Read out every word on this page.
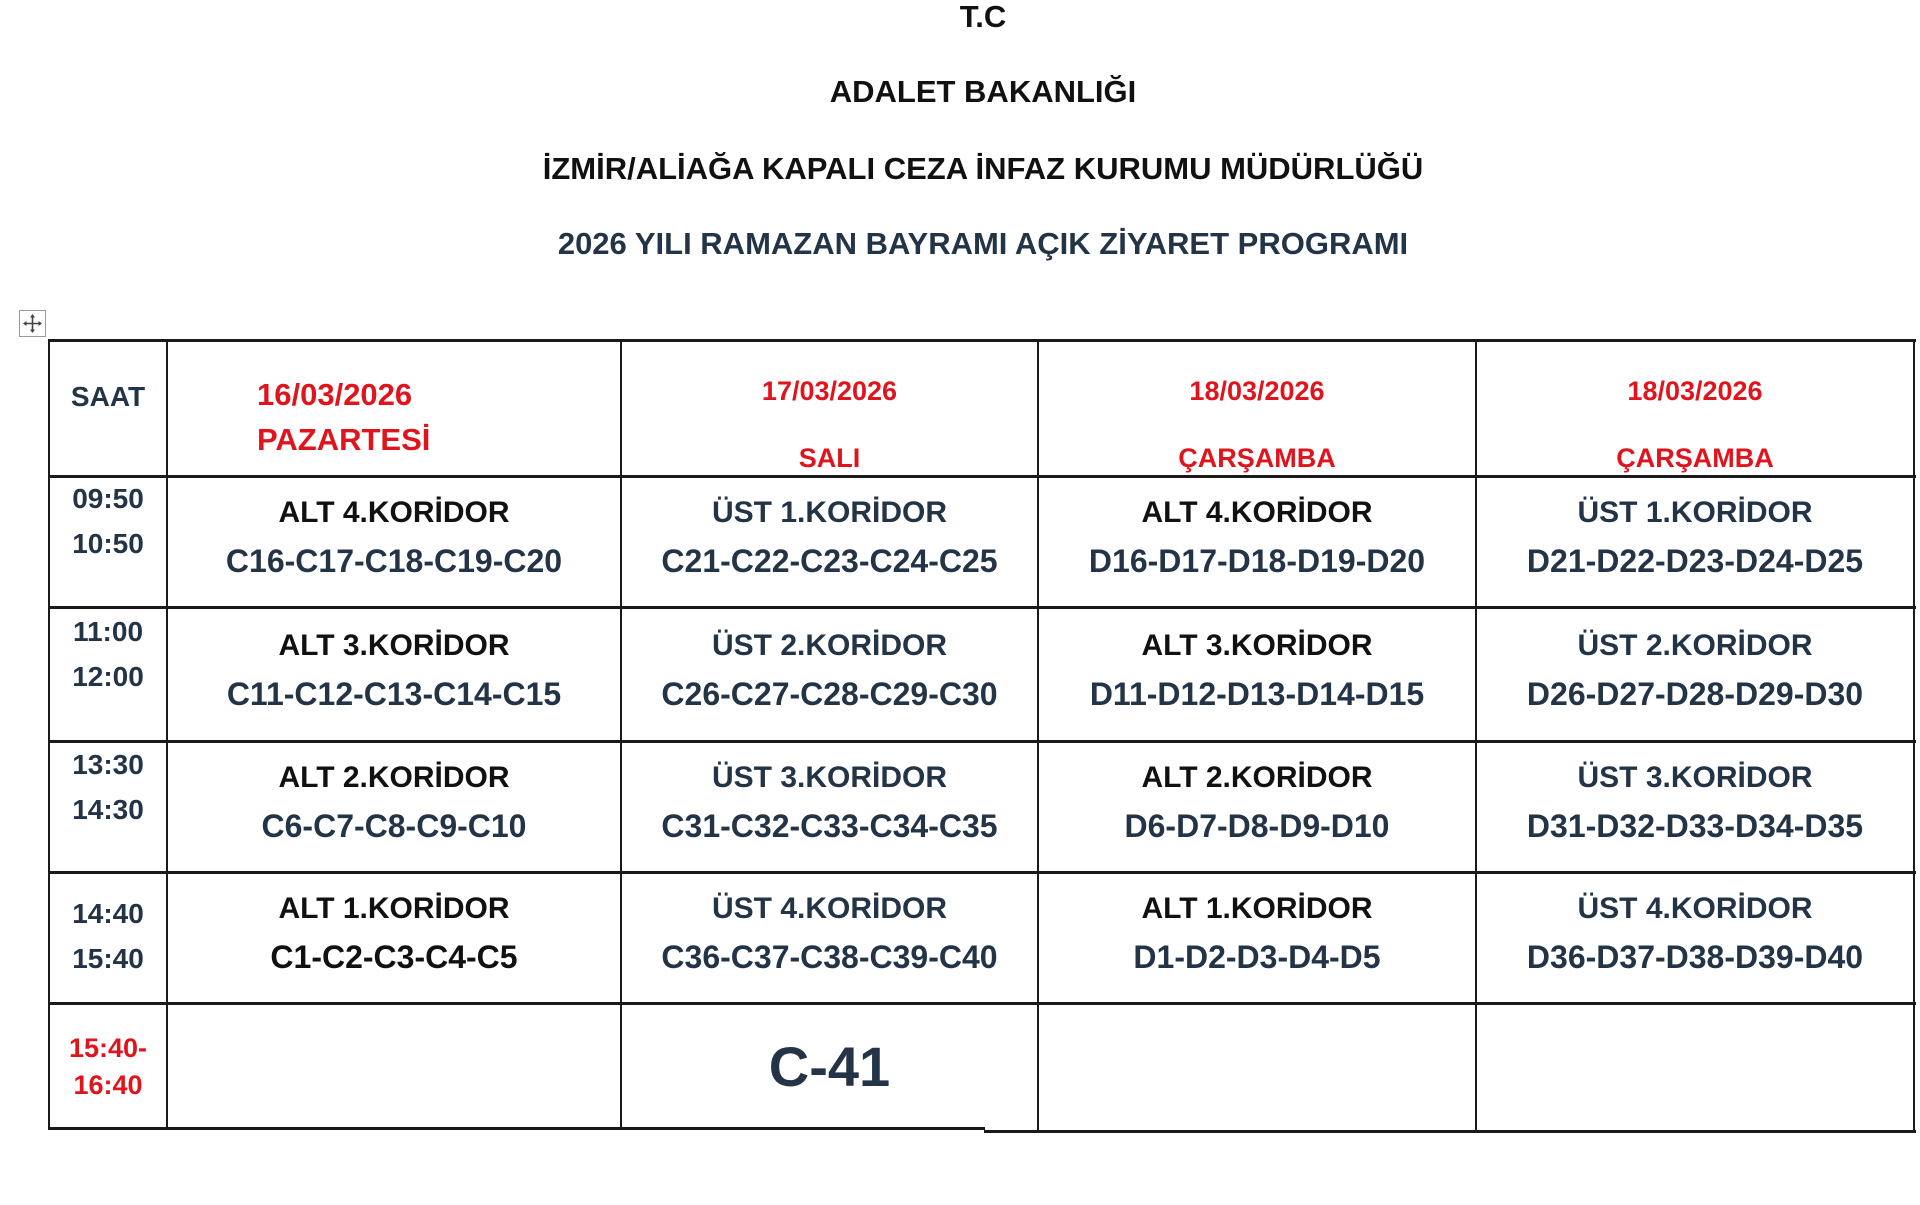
T.C
ADALET BAKANLIĞI
İZMİR/ALİAĞA KAPALI CEZA İNFAZ KURUMU MÜDÜRLÜĞÜ
2026 YILI RAMAZAN BAYRAMI AÇIK ZİYARET PROGRAMI
SAAT	16/03/2026
PAZARTESİ
17/03/2026
SALI
18/03/2026
ÇARŞAMBA
18/03/2026
ÇARŞAMBA
09:50
10:50
ALT 4.KORİDOR
C16-C17-C18-C19-C20
ÜST 1.KORİDOR
C21-C22-C23-C24-C25
ALT 4.KORİDOR
D16-D17-D18-D19-D20
ÜST 1.KORİDOR
D21-D22-D23-D24-D25
11:00
12:00
ALT 3.KORİDOR
C11-C12-C13-C14-C15
ÜST 2.KORİDOR
C26-C27-C28-C29-C30
ALT 3.KORİDOR
D11-D12-D13-D14-D15
ÜST 2.KORİDOR
D26-D27-D28-D29-D30
13:30
14:30
ALT 2.KORİDOR
C6-C7-C8-C9-C10
ÜST 3.KORİDOR
C31-C32-C33-C34-C35
ALT 2.KORİDOR
D6-D7-D8-D9-D10
ÜST 3.KORİDOR
D31-D32-D33-D34-D35
14:40
15:40
ALT 1.KORİDOR
C1-C2-C3-C4-C5
ÜST 4.KORİDOR
C36-C37-C38-C39-C40
ALT 1.KORİDOR
D1-D2-D3-D4-D5
ÜST 4.KORİDOR
D36-D37-D38-D39-D40
15:40-
16:40	C-41
